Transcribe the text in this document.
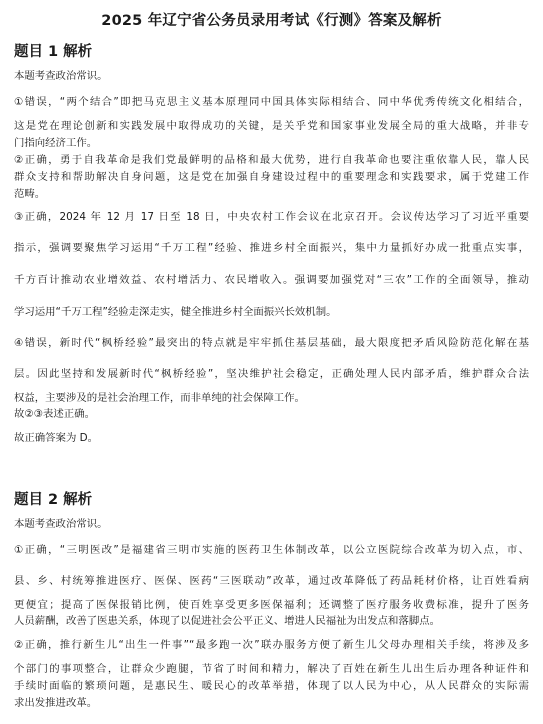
2025 年辽宁省公务员录用考试《行测》答案及解析
题目 1 解析
本题考查政治常识。
①错误，“两个结合”即把马克思主义基本原理同中国具体实际相结合、同中华优秀传统文化相结合，
这是党在理论创新和实践发展中取得成功的关键，是关乎党和国家事业发展全局的重大战略，并非专
门指向经济工作。
②正确，勇于自我革命是我们党最鲜明的品格和最大优势，进行自我革命也要注重依靠人民，靠人民
群众支持和帮助解决自身问题，这是党在加强自身建设过程中的重要理念和实践要求，属于党建工作
范畴。
③正确，2024 年 12 月 17 日至 18 日，中央农村工作会议在北京召开。会议传达学习了习近平重要
指示，强调要聚焦学习运用“千万工程”经验、推进乡村全面振兴，集中力量抓好办成一批重点实事，
千方百计推动农业增效益、农村增活力、农民增收入。强调要加强党对“三农”工作的全面领导，推动
学习运用“千万工程”经验走深走实，健全推进乡村全面振兴长效机制。
④错误，新时代“枫桥经验”最突出的特点就是牢牢抓住基层基础，最大限度把矛盾风险防范化解在基
层。因此坚持和发展新时代“枫桥经验”，坚决维护社会稳定，正确处理人民内部矛盾，维护群众合法
权益，主要涉及的是社会治理工作，而非单纯的社会保障工作。
故②③表述正确。
故正确答案为 D。
题目 2 解析
本题考查政治常识。
①正确，“三明医改”是福建省三明市实施的医药卫生体制改革，以公立医院综合改革为切入点，市、
县、乡、村统筹推进医疗、医保、医药“三医联动”改革，通过改革降低了药品耗材价格，让百姓看病
更便宜；提高了医保报销比例，使百姓享受更多医保福利；还调整了医疗服务收费标准，提升了医务
人员薪酬，改善了医患关系，体现了以促进社会公平正义、增进人民福祉为出发点和落脚点。
②正确，推行新生儿“出生一件事”“最多跑一次”联办服务方便了新生儿父母办理相关手续，将涉及多
个部门的事项整合，让群众少跑腿，节省了时间和精力，解决了百姓在新生儿出生后办理各种证件和
手续时面临的繁琐问题，是惠民生、暖民心的改革举措，体现了以人民为中心，从人民群众的实际需
求出发推进改革。
